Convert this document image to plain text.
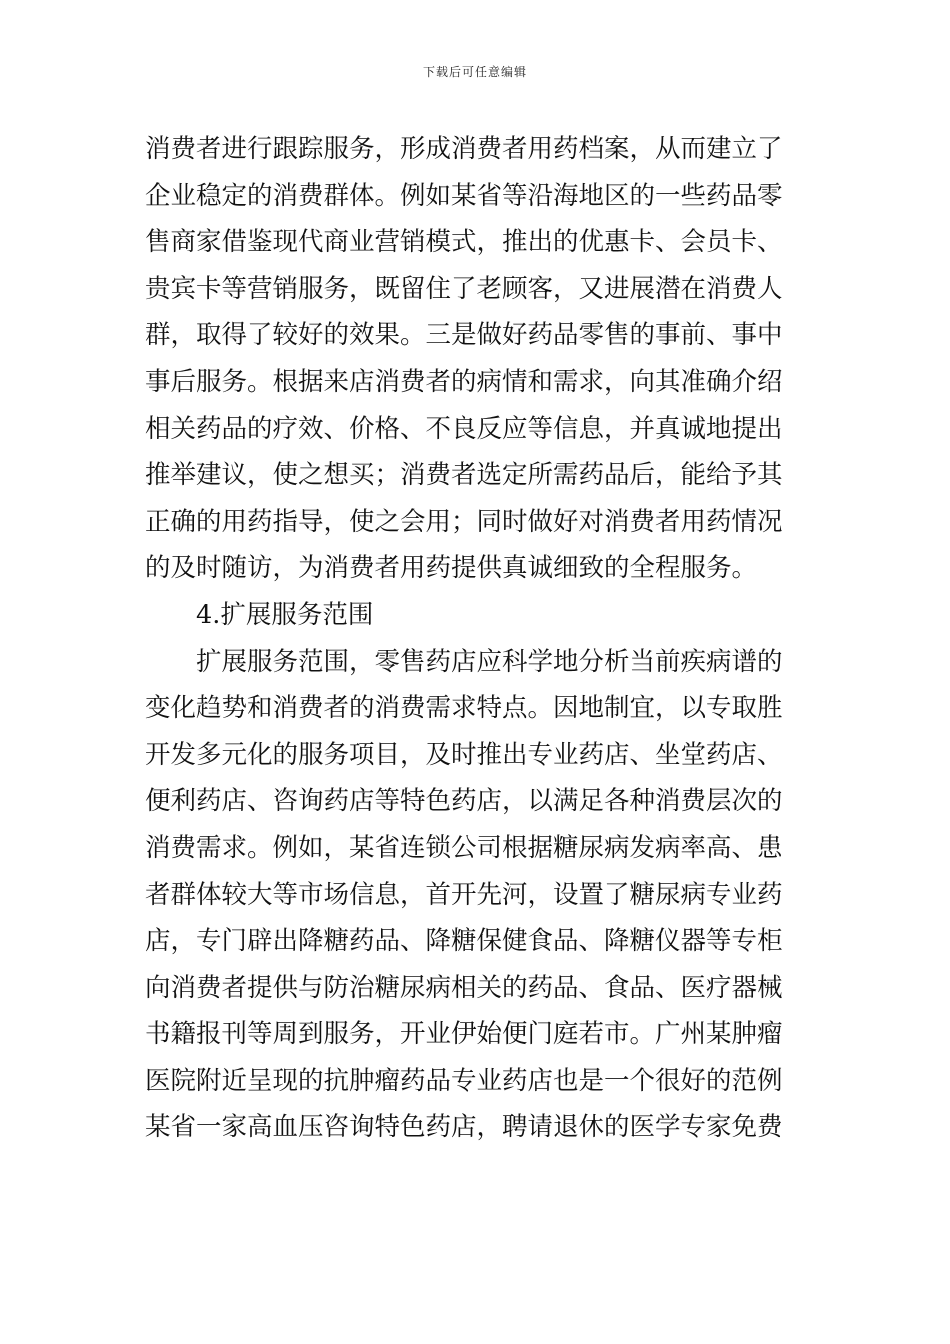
下载后可任意编辑
消费者进行跟踪服务，形成消费者用药档案，从而建立了
企业稳定的消费群体。例如某省等沿海地区的一些药品零
售商家借鉴现代商业营销模式，推出的优惠卡、会员卡、
贵宾卡等营销服务，既留住了老顾客，又进展潜在消费人
群，取得了较好的效果。三是做好药品零售的事前、事中
事后服务。根据来店消费者的病情和需求，向其准确介绍
相关药品的疗效、价格、不良反应等信息，并真诚地提出
推举建议，使之想买；消费者选定所需药品后，能给予其
正确的用药指导，使之会用；同时做好对消费者用药情况
的及时随访，为消费者用药提供真诚细致的全程服务。
4.扩展服务范围
扩展服务范围，零售药店应科学地分析当前疾病谱的
变化趋势和消费者的消费需求特点。因地制宜，以专取胜
开发多元化的服务项目，及时推出专业药店、坐堂药店、
便利药店、咨询药店等特色药店，以满足各种消费层次的
消费需求。例如，某省连锁公司根据糖尿病发病率高、患
者群体较大等市场信息，首开先河，设置了糖尿病专业药
店，专门辟出降糖药品、降糖保健食品、降糖仪器等专柜
向消费者提供与防治糖尿病相关的药品、食品、医疗器械
书籍报刊等周到服务，开业伊始便门庭若市。广州某肿瘤
医院附近呈现的抗肿瘤药品专业药店也是一个很好的范例
某省一家高血压咨询特色药店，聘请退休的医学专家免费
